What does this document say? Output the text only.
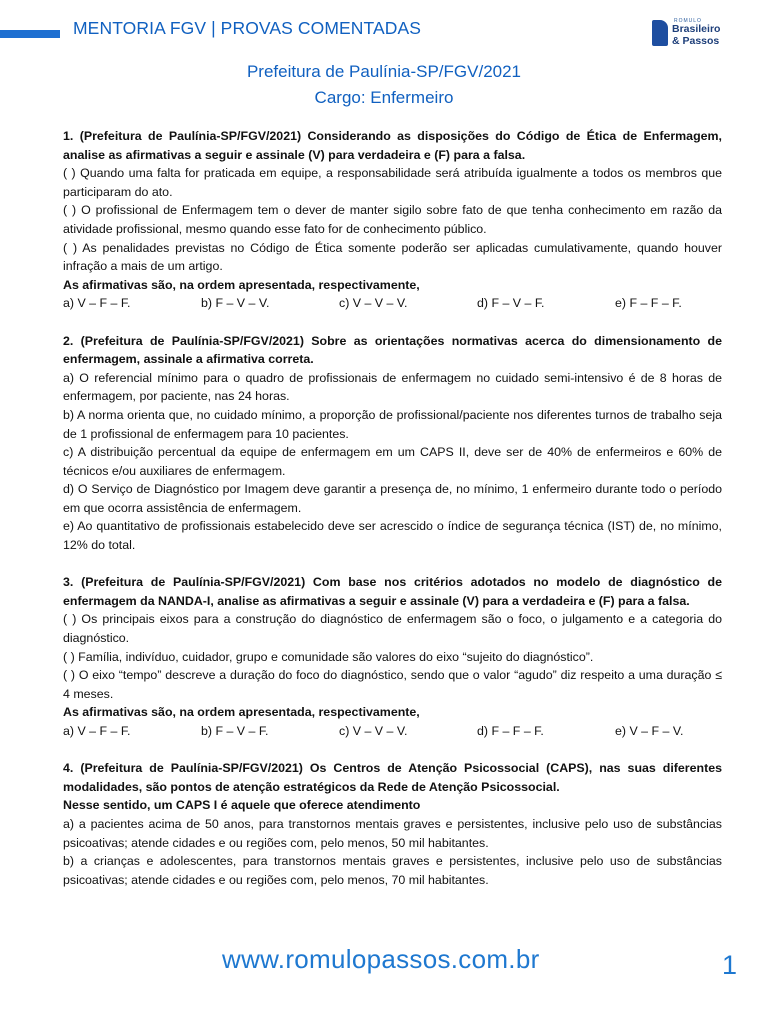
MENTORIA FGV | PROVAS COMENTADAS	ROMULO
Brasileiro
& Passos
Prefeitura de Paulínia-SP/FGV/2021
Cargo: Enfermeiro

1. (Prefeitura de Paulínia-SP/FGV/2021) Considerando as disposições do Código de Ética de Enfermagem, analise as afirmativas a seguir e assinale (V) para verdadeira e (F) para a falsa.

( ) Quando uma falta for praticada em equipe, a responsabilidade será atribuída igualmente a todos os membros que participaram do ato.

( ) O profissional de Enfermagem tem o dever de manter sigilo sobre fato de que tenha conhecimento em razão da atividade profissional, mesmo quando esse fato for de conhecimento público.

( ) As penalidades previstas no Código de Ética somente poderão ser aplicadas cumulativamente, quando houver infração a mais de um artigo.

As afirmativas são, na ordem apresentada, respectivamente,

a) V – F – F.	b) F – V – V.	c) V – V – V.	d) F – V – F.	e) F – F – F.

2. (Prefeitura de Paulínia-SP/FGV/2021) Sobre as orientações normativas acerca do dimensionamento de enfermagem, assinale a afirmativa correta.

a) O referencial mínimo para o quadro de profissionais de enfermagem no cuidado semi-intensivo é de 8 horas de enfermagem, por paciente, nas 24 horas.

b) A norma orienta que, no cuidado mínimo, a proporção de profissional/paciente nos diferentes turnos de trabalho seja de 1 profissional de enfermagem para 10 pacientes.

c) A distribuição percentual da equipe de enfermagem em um CAPS II, deve ser de 40% de enfermeiros e 60% de técnicos e/ou auxiliares de enfermagem.

d) O Serviço de Diagnóstico por Imagem deve garantir a presença de, no mínimo, 1 enfermeiro durante todo o período em que ocorra assistência de enfermagem.

e) Ao quantitativo de profissionais estabelecido deve ser acrescido o índice de segurança técnica (IST) de, no mínimo, 12% do total.

3. (Prefeitura de Paulínia-SP/FGV/2021) Com base nos critérios adotados no modelo de diagnóstico de enfermagem da NANDA-I, analise as afirmativas a seguir e assinale (V) para a verdadeira e (F) para a falsa.

( ) Os principais eixos para a construção do diagnóstico de enfermagem são o foco, o julgamento e a categoria do diagnóstico.

( ) Família, indivíduo, cuidador, grupo e comunidade são valores do eixo “sujeito do diagnóstico”.

( ) O eixo “tempo” descreve a duração do foco do diagnóstico, sendo que o valor “agudo” diz respeito a uma duração ≤ 4 meses.

As afirmativas são, na ordem apresentada, respectivamente,

a) V – F – F.	b) F – V – F.	c) V – V – V.	d) F – F – F.	e) V – F – V.

4. (Prefeitura de Paulínia-SP/FGV/2021) Os Centros de Atenção Psicossocial (CAPS), nas suas diferentes modalidades, são pontos de atenção estratégicos da Rede de Atenção Psicossocial.

Nesse sentido, um CAPS I é aquele que oferece atendimento

a) a pacientes acima de 50 anos, para transtornos mentais graves e persistentes, inclusive pelo uso de substâncias psicoativas; atende cidades e ou regiões com, pelo menos, 50 mil habitantes.

b) a crianças e adolescentes, para transtornos mentais graves e persistentes, inclusive pelo uso de substâncias psicoativas; atende cidades e ou regiões com, pelo menos, 70 mil habitantes.

www.romulopassos.com.br	1
